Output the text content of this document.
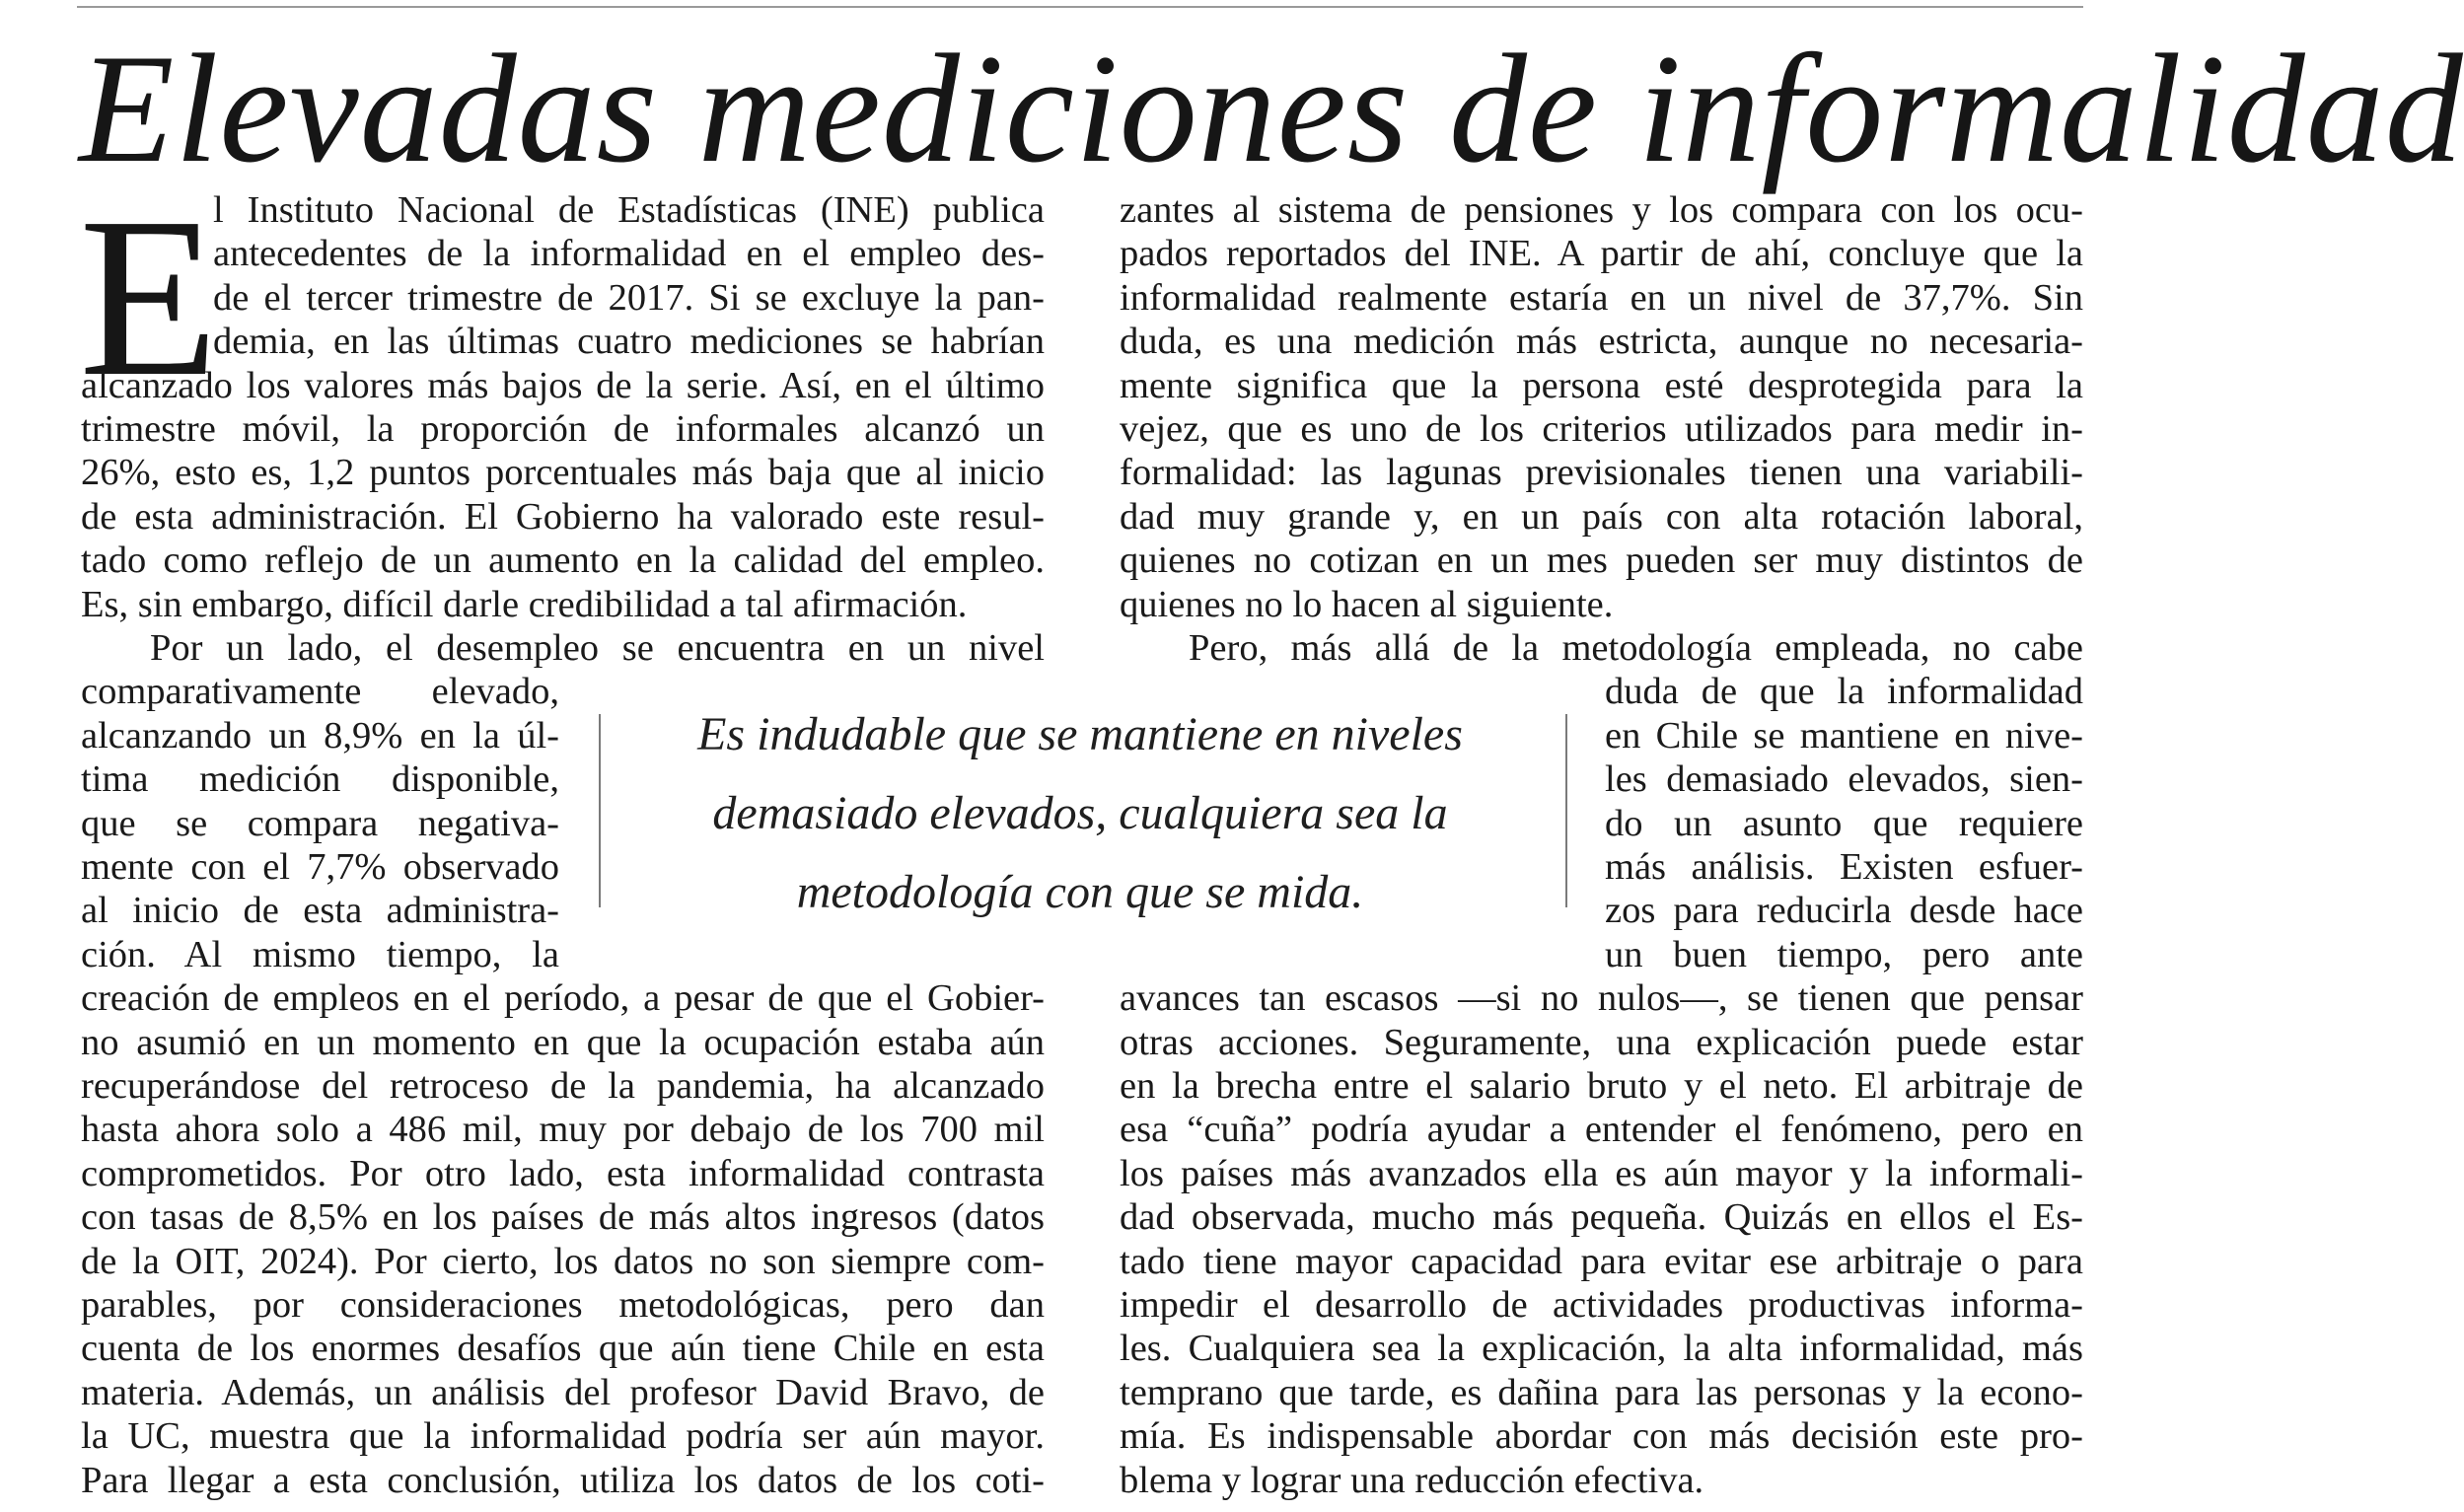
Elevadas mediciones de informalidad
E
l Instituto Nacional de Estadísticas (INE) publica
antecedentes de la informalidad en el empleo des-
de el tercer trimestre de 2017. Si se excluye la pan-
demia, en las últimas cuatro mediciones se habrían
alcanzado los valores más bajos de la serie. Así, en el último
trimestre móvil, la proporción de informales alcanzó un
26%, esto es, 1,2 puntos porcentuales más baja que al inicio
de esta administración. El Gobierno ha valorado este resul-
tado como reflejo de un aumento en la calidad del empleo.
Es, sin embargo, difícil darle credibilidad a tal afirmación.
Por un lado, el desempleo se encuentra en un nivel
comparativamente elevado,
alcanzando un 8,9% en la úl-
tima medición disponible,
que se compara negativa-
mente con el 7,7% observado
al inicio de esta administra-
ción. Al mismo tiempo, la
creación de empleos en el período, a pesar de que el Gobier-
no asumió en un momento en que la ocupación estaba aún
recuperándose del retroceso de la pandemia, ha alcanzado
hasta ahora solo a 486 mil, muy por debajo de los 700 mil
comprometidos. Por otro lado, esta informalidad contrasta
con tasas de 8,5% en los países de más altos ingresos (datos
de la OIT, 2024). Por cierto, los datos no son siempre com-
parables, por consideraciones metodológicas, pero dan
cuenta de los enormes desafíos que aún tiene Chile en esta
materia. Además, un análisis del profesor David Bravo, de
la UC, muestra que la informalidad podría ser aún mayor.
Para llegar a esta conclusión, utiliza los datos de los coti-
zantes al sistema de pensiones y los compara con los ocu-
pados reportados del INE. A partir de ahí, concluye que la
informalidad realmente estaría en un nivel de 37,7%. Sin
duda, es una medición más estricta, aunque no necesaria-
mente significa que la persona esté desprotegida para la
vejez, que es uno de los criterios utilizados para medir in-
formalidad: las lagunas previsionales tienen una variabili-
dad muy grande y, en un país con alta rotación laboral,
quienes no cotizan en un mes pueden ser muy distintos de
quienes no lo hacen al siguiente.
Pero, más allá de la metodología empleada, no cabe
duda de que la informalidad
en Chile se mantiene en nive-
les demasiado elevados, sien-
do un asunto que requiere
más análisis. Existen esfuer-
zos para reducirla desde hace
un buen tiempo, pero ante
avances tan escasos —si no nulos—, se tienen que pensar
otras acciones. Seguramente, una explicación puede estar
en la brecha entre el salario bruto y el neto. El arbitraje de
esa “cuña” podría ayudar a entender el fenómeno, pero en
los países más avanzados ella es aún mayor y la informali-
dad observada, mucho más pequeña. Quizás en ellos el Es-
tado tiene mayor capacidad para evitar ese arbitraje o para
impedir el desarrollo de actividades productivas informa-
les. Cualquiera sea la explicación, la alta informalidad, más
temprano que tarde, es dañina para las personas y la econo-
mía. Es indispensable abordar con más decisión este pro-
blema y lograr una reducción efectiva.
Es indudable que se mantiene en niveles
demasiado elevados, cualquiera sea la
metodología con que se mida.
